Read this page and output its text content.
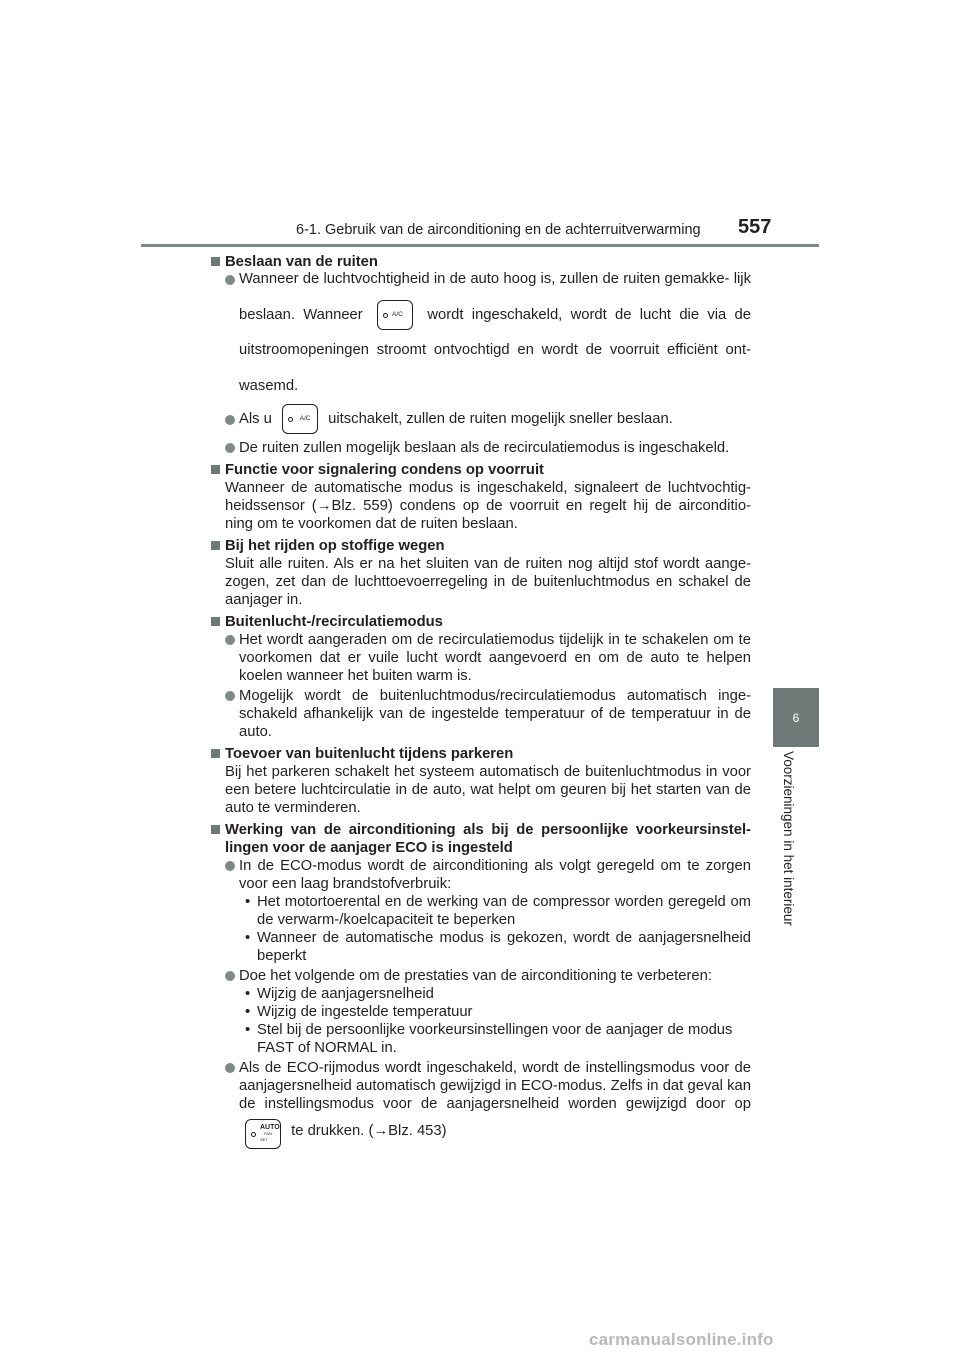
6-1. Gebruik van de airconditioning en de achterruitverwarming 557
6
Voorzieningen in het interieur
Beslaan van de ruiten
Wanneer de luchtvochtigheid in de auto hoog is, zullen de ruiten gemakke- lijk beslaan. Wanneer	A/C	wordt ingeschakeld, wordt de lucht die via de uitstroomopeningen stroomt ontvochtigd en wordt de voorruit efficiënt ont- wasemd.
Als u	A/C uitschakelt, zullen de ruiten mogelijk sneller beslaan.
De ruiten zullen mogelijk beslaan als de recirculatiemodus is ingeschakeld.
Functie voor signalering condens op voorruit
Wanneer de automatische modus is ingeschakeld, signaleert de luchtvochtig- heidssensor (→Blz. 559) condens op de voorruit en regelt hij de airconditio- ning om te voorkomen dat de ruiten beslaan.
Bij het rijden op stoffige wegen
Sluit alle ruiten. Als er na het sluiten van de ruiten nog altijd stof wordt aange- zogen, zet dan de luchttoevoerregeling in de buitenluchtmodus en schakel de aanjager in.
Buitenlucht-/recirculatiemodus
Het wordt aangeraden om de recirculatiemodus tijdelijk in te schakelen om te voorkomen dat er vuile lucht wordt aangevoerd en om de auto te helpen koelen wanneer het buiten warm is.
Mogelijk wordt de buitenluchtmodus/recirculatiemodus automatisch inge- schakeld afhankelijk van de ingestelde temperatuur of de temperatuur in de auto.
Toevoer van buitenlucht tijdens parkeren
Bij het parkeren schakelt het systeem automatisch de buitenluchtmodus in voor een betere luchtcirculatie in de auto, wat helpt om geuren bij het starten van de auto te verminderen.
Werking van de airconditioning als bij de persoonlijke voorkeursinstel- lingen voor de aanjager ECO is ingesteld
In de ECO-modus wordt de airconditioning als volgt geregeld om te zorgen voor een laag brandstofverbruik:
• Het motortoerental en de werking van de compressor worden geregeld om de verwarm-/koelcapaciteit te beperken
• Wanneer de automatische modus is gekozen, wordt de aanjagersnelheid beperkt
Doe het volgende om de prestaties van de airconditioning te verbeteren:
• Wijzig de aanjagersnelheid
• Wijzig de ingestelde temperatuur
• Stel bij de persoonlijke voorkeursinstellingen voor de aanjager de modus FAST of NORMAL in.
Als de ECO-rijmodus wordt ingeschakeld, wordt de instellingsmodus voor de aanjagersnelheid automatisch gewijzigd in ECO-modus. Zelfs in dat geval kan de instellingsmodus voor de aanjagersnelheid worden gewijzigd door op
AUTO
FAN SET
te drukken. (→Blz. 453)
carmanualsonline.info
